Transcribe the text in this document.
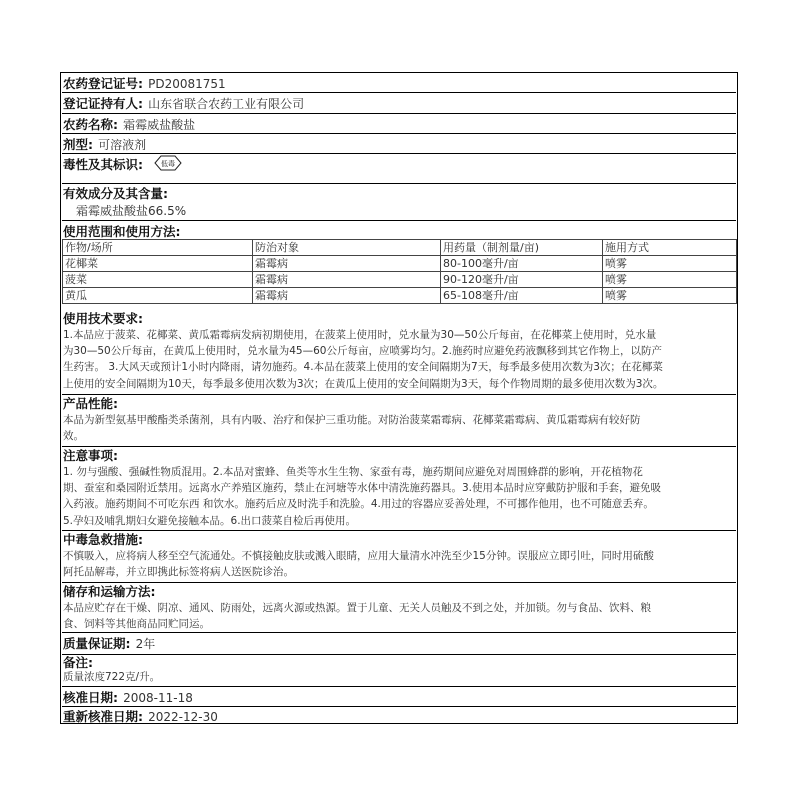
农药登记证号: PD20081751
登记证持有人: 山东省联合农药工业有限公司
农药名称: 霜霉威盐酸盐
剂型: 可溶液剂
毒性及其标识:	低毒
有效成分及其含量:
霜霉威盐酸盐66.5%
使用范围和使用方法:
作物/场所	防治对象	用药量（制剂量/亩)	施用方式
花椰菜	霜霉病	80-100毫升/亩	喷雾
菠菜	霜霉病	90-120毫升/亩	喷雾
黄瓜	霜霉病	65-108毫升/亩	喷雾
使用技术要求:
1.本品应于菠菜、花椰菜、黄瓜霜霉病发病初期使用，在菠菜上使用时，兑水量为30—50公斤每亩，在花椰菜上使用时，兑水量
为30—50公斤每亩，在黄瓜上使用时，兑水量为45—60公斤每亩，应喷雾均匀。2.施药时应避免药液飘移到其它作物上，以防产
生药害。 3.大风天或预计1小时内降雨，请勿施药。4.本品在菠菜上使用的安全间隔期为7天，每季最多使用次数为3次；在花椰菜
上使用的安全间隔期为10天，每季最多使用次数为3次；在黄瓜上使用的安全间隔期为3天，每个作物周期的最多使用次数为3次。
产品性能:
本品为新型氨基甲酸酯类杀菌剂，具有内吸、治疗和保护三重功能。对防治菠菜霜霉病、花椰菜霜霉病、黄瓜霜霉病有较好防
效。
注意事项:
1. 勿与强酸、强碱性物质混用。2.本品对蜜蜂、鱼类等水生生物、家蚕有毒，施药期间应避免对周围蜂群的影响，开花植物花
期、蚕室和桑园附近禁用。远离水产养殖区施药，禁止在河塘等水体中清洗施药器具。3.使用本品时应穿戴防护服和手套，避免吸
入药液。施药期间不可吃东西 和饮水。施药后应及时洗手和洗脸。4.用过的容器应妥善处理，不可挪作他用，也不可随意丢弃。
5.孕妇及哺乳期妇女避免接触本品。6.出口菠菜自检后再使用。
中毒急救措施:
不慎吸入，应将病人移至空气流通处。不慎接触皮肤或溅入眼睛，应用大量清水冲洗至少15分钟。误服应立即引吐，同时用硫酸
阿托品解毒，并立即携此标签将病人送医院诊治。
储存和运输方法:
本品应贮存在干燥、阴凉、通风、防雨处，远离火源或热源。置于儿童、无关人员触及不到之处，并加锁。勿与食品、饮料、粮
食、饲料等其他商品同贮同运。
质量保证期: 2年
备注:
质量浓度722克/升。
核准日期: 2008-11-18
重新核准日期: 2022-12-30
